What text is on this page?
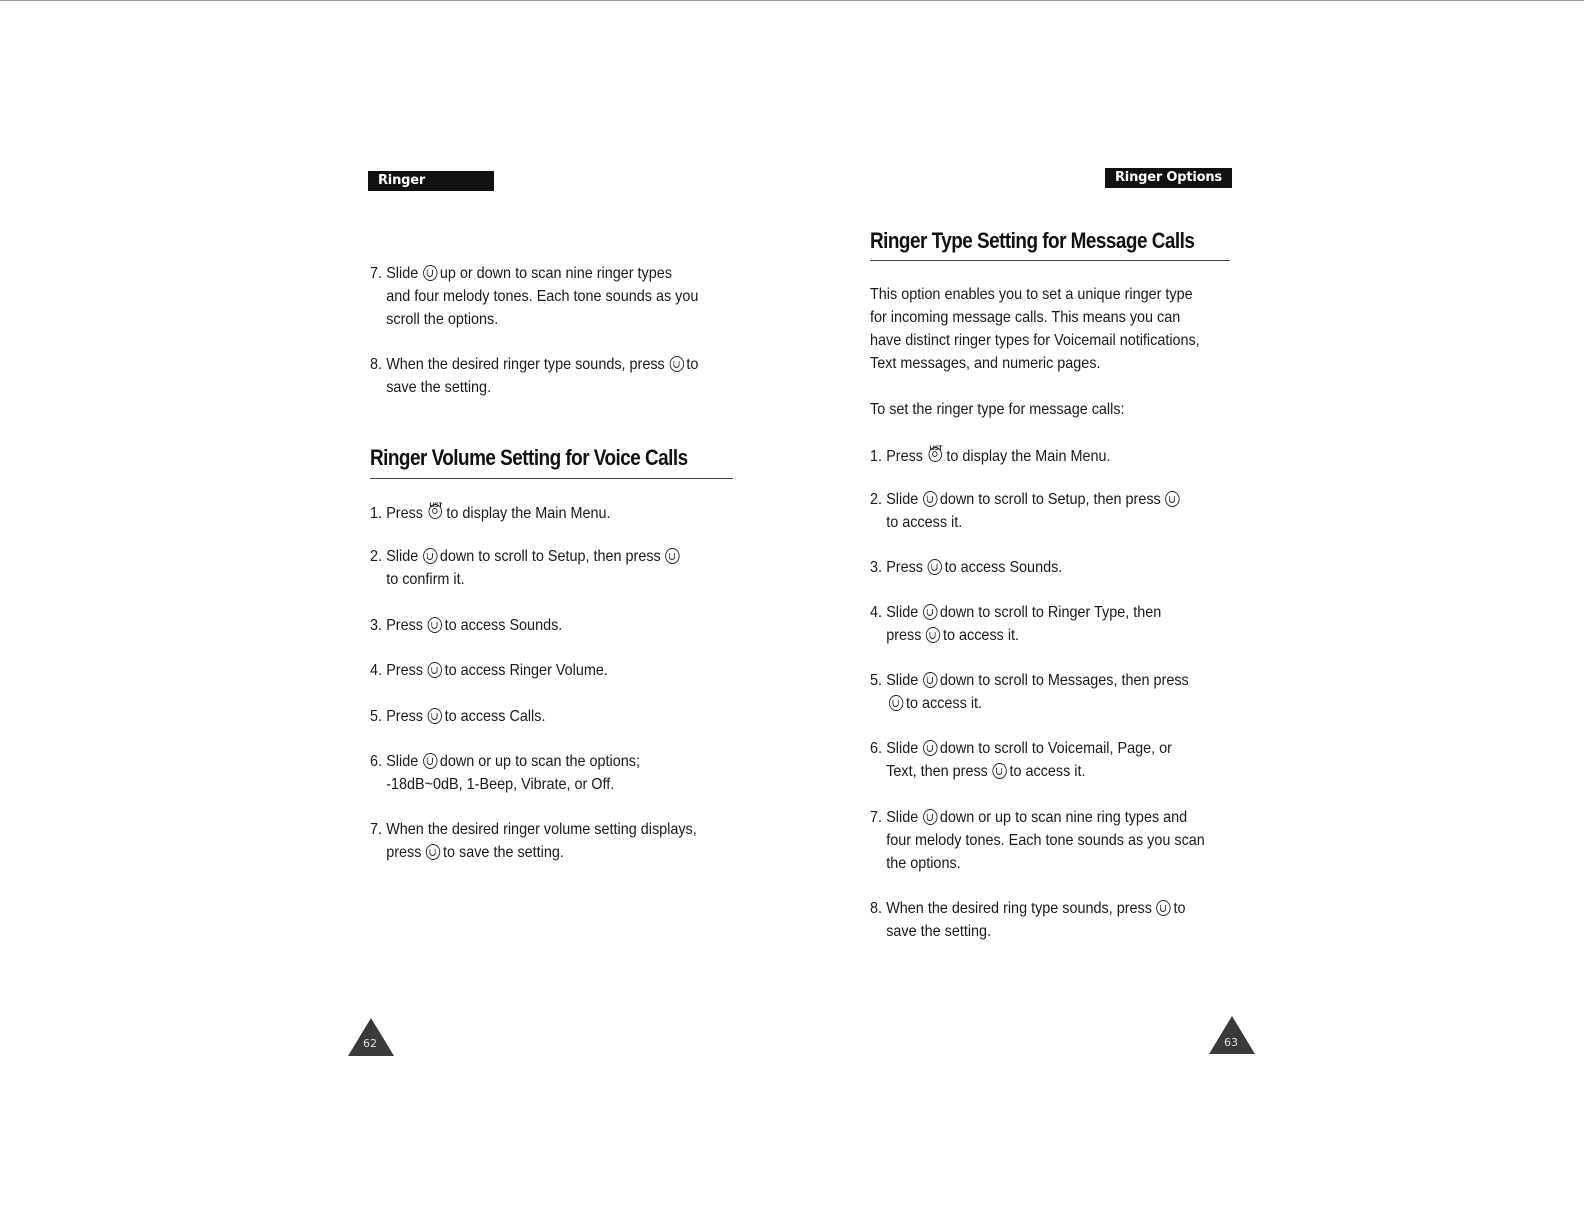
Ringer Options
7. Slide up or down to scan nine ringer types
and four melody tones. Each tone sounds as you
scroll the options.
8. When the desired ringer type sounds, press to
save the setting.
Ringer Volume Setting for Voice Calls
1. Press LIST to display the Main Menu.
2. Slide down to scroll to Setup, then press
to confirm it.
3. Press to access Sounds.
4. Press to access Ringer Volume.
5. Press to access Calls.
6. Slide down or up to scan the options;
-18dB~0dB, 1-Beep, Vibrate, or Off.
7. When the desired ringer volume setting displays,
press to save the setting.
62
Ringer Options
Ringer Type Setting for Message Calls
This option enables you to set a unique ringer type
for incoming message calls. This means you can
have distinct ringer types for Voicemail notifications,
Text messages, and numeric pages.
To set the ringer type for message calls:
1. Press LIST to display the Main Menu.
2. Slide down to scroll to Setup, then press
to access it.
3. Press to access Sounds.
4. Slide down to scroll to Ringer Type, then
press to access it.
5. Slide down to scroll to Messages, then press
to access it.
6. Slide down to scroll to Voicemail, Page, or
Text, then press to access it.
7. Slide down or up to scan nine ring types and
four melody tones. Each tone sounds as you scan
the options.
8. When the desired ring type sounds, press to
save the setting.
63
